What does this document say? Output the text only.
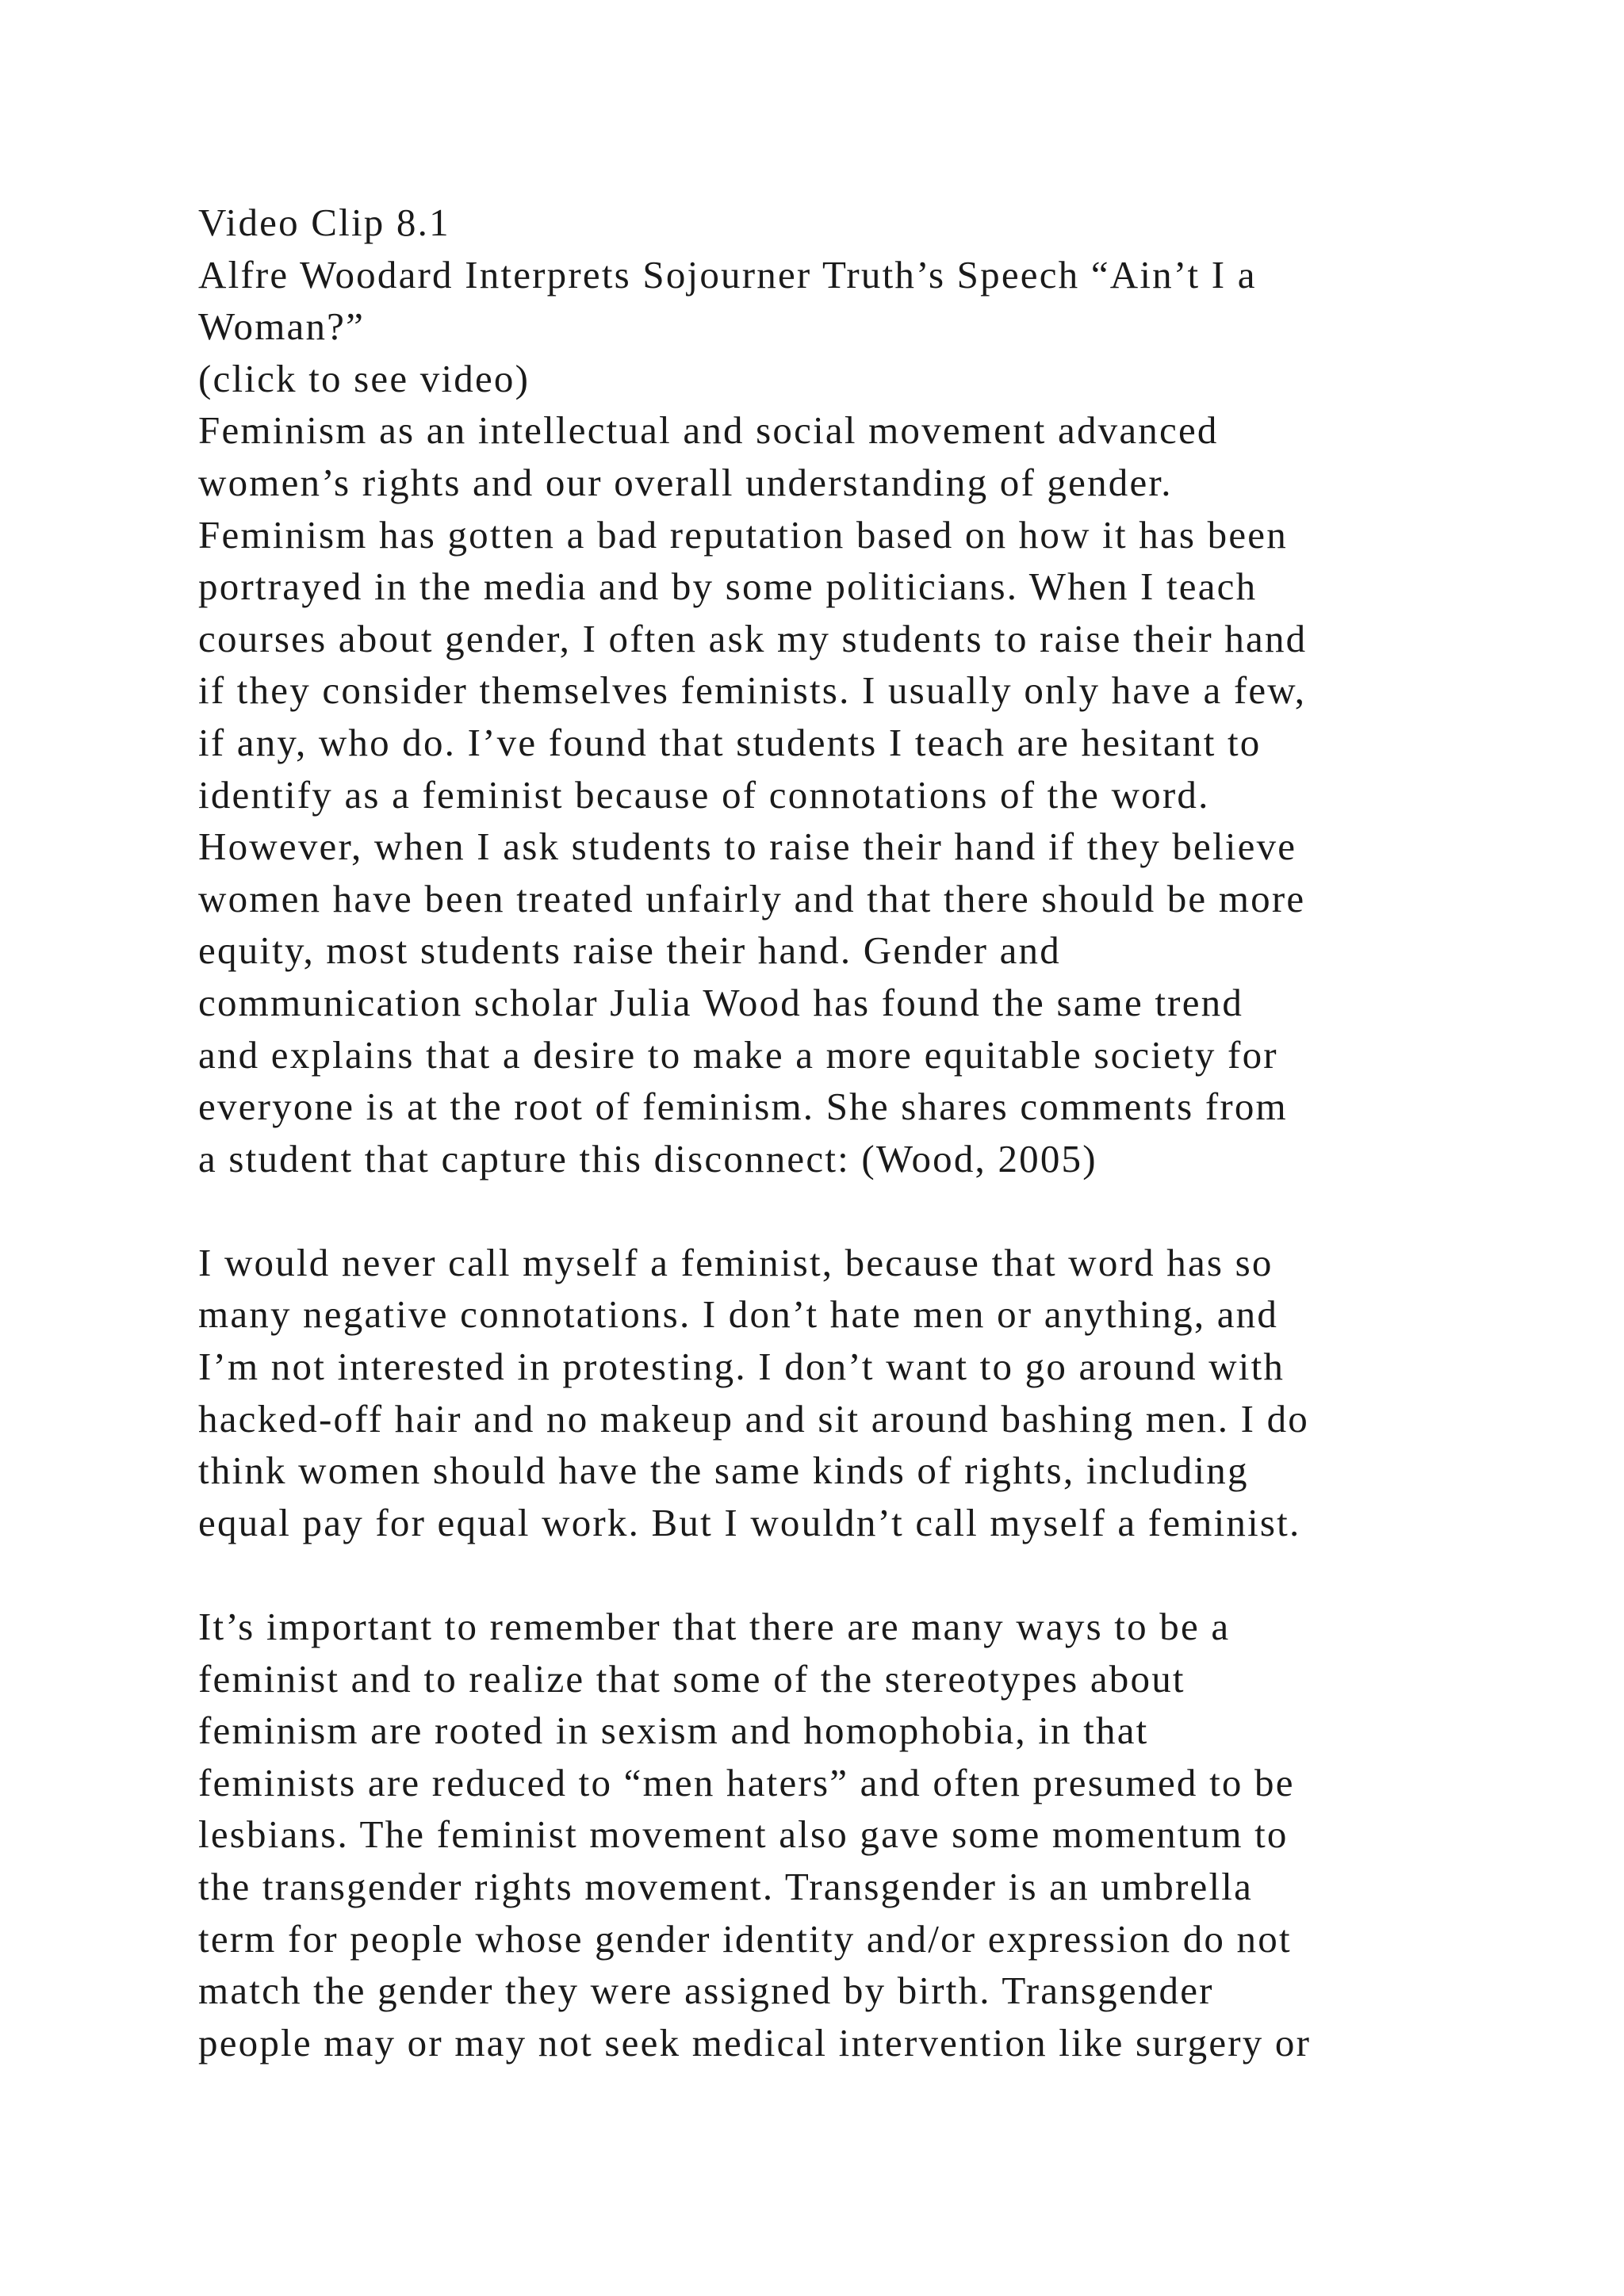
Video Clip 8.1
Alfre Woodard Interprets Sojourner Truth’s Speech “Ain’t I a
Woman?”
(click to see video)
Feminism as an intellectual and social movement advanced
women’s rights and our overall understanding of gender.
Feminism has gotten a bad reputation based on how it has been
portrayed in the media and by some politicians. When I teach
courses about gender, I often ask my students to raise their hand
if they consider themselves feminists. I usually only have a few,
if any, who do. I’ve found that students I teach are hesitant to
identify as a feminist because of connotations of the word.
However, when I ask students to raise their hand if they believe
women have been treated unfairly and that there should be more
equity, most students raise their hand. Gender and
communication scholar Julia Wood has found the same trend
and explains that a desire to make a more equitable society for
everyone is at the root of feminism. She shares comments from
a student that capture this disconnect: (Wood, 2005)
I would never call myself a feminist, because that word has so
many negative connotations. I don’t hate men or anything, and
I’m not interested in protesting. I don’t want to go around with
hacked-off hair and no makeup and sit around bashing men. I do
think women should have the same kinds of rights, including
equal pay for equal work. But I wouldn’t call myself a feminist.
It’s important to remember that there are many ways to be a
feminist and to realize that some of the stereotypes about
feminism are rooted in sexism and homophobia, in that
feminists are reduced to “men haters” and often presumed to be
lesbians. The feminist movement also gave some momentum to
the transgender rights movement. Transgender is an umbrella
term for people whose gender identity and/or expression do not
match the gender they were assigned by birth. Transgender
people may or may not seek medical intervention like surgery or
